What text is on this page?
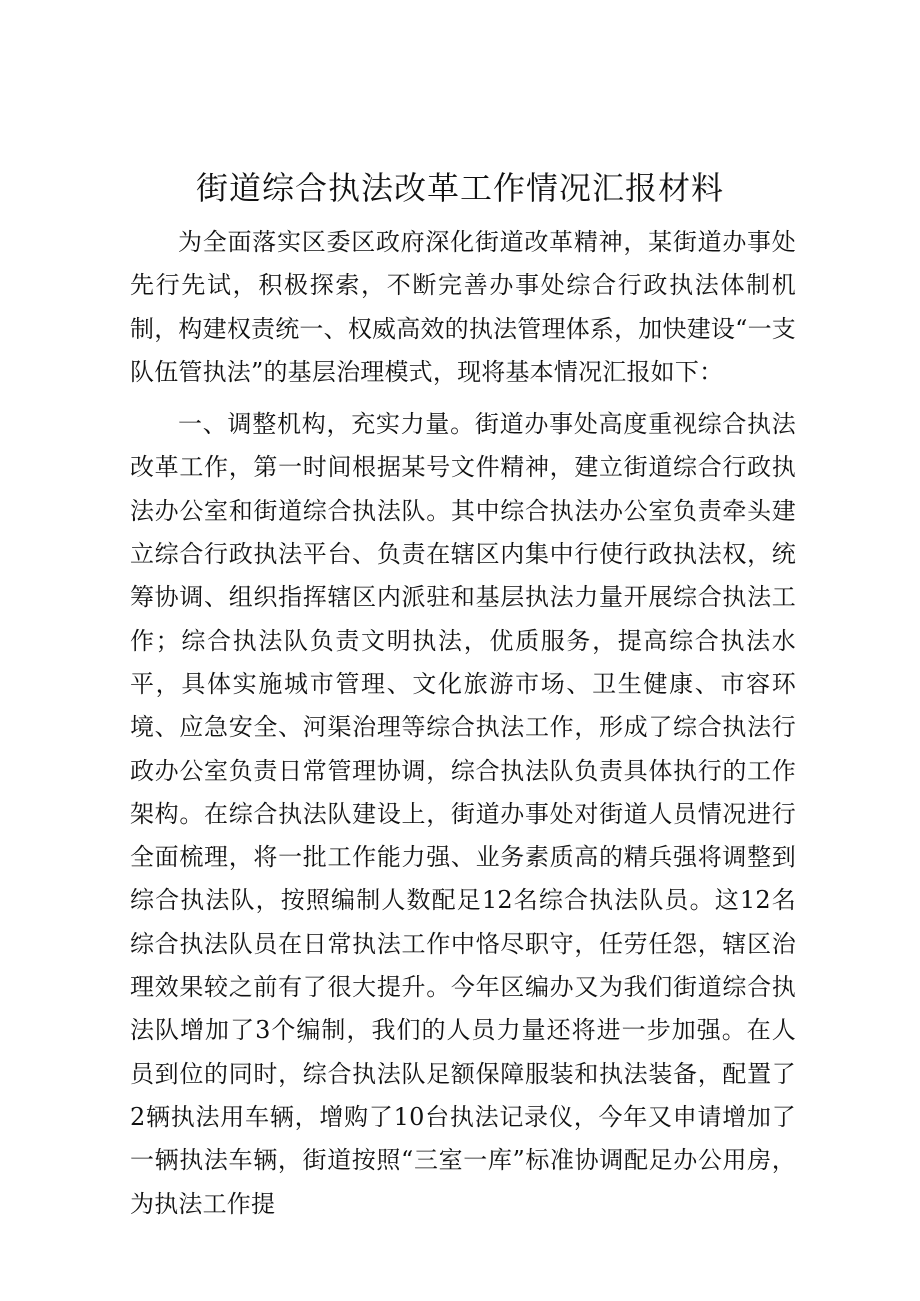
街道综合执法改革工作情况汇报材料

为全面落实区委区政府深化街道改革精神，某街道办事处先行先试，积极探索，不断完善办事处综合行政执法体制机制，构建权责统一、权威高效的执法管理体系，加快建设“一支队伍管执法”的基层治理模式，现将基本情况汇报如下：

一、调整机构，充实力量。街道办事处高度重视综合执法改革工作，第一时间根据某号文件精神，建立街道综合行政执法办公室和街道综合执法队。其中综合执法办公室负责牵头建立综合行政执法平台、负责在辖区内集中行使行政执法权，统筹协调、组织指挥辖区内派驻和基层执法力量开展综合执法工作；综合执法队负责文明执法，优质服务，提高综合执法水平，具体实施城市管理、文化旅游市场、卫生健康、市容环境、应急安全、河渠治理等综合执法工作，形成了综合执法行政办公室负责日常管理协调，综合执法队负责具体执行的工作架构。在综合执法队建设上，街道办事处对街道人员情况进行全面梳理，将一批工作能力强、业务素质高的精兵强将调整到综合执法队，按照编制人数配足12名综合执法队员。这12名综合执法队员在日常执法工作中恪尽职守，任劳任怨，辖区治理效果较之前有了很大提升。今年区编办又为我们街道综合执法队增加了3个编制，我们的人员力量还将进一步加强。在人员到位的同时，综合执法队足额保障服装和执法装备，配置了2辆执法用车辆，增购了10台执法记录仪，今年又申请增加了一辆执法车辆，街道按照“三室一库”标准协调配足办公用房，为执法工作提
